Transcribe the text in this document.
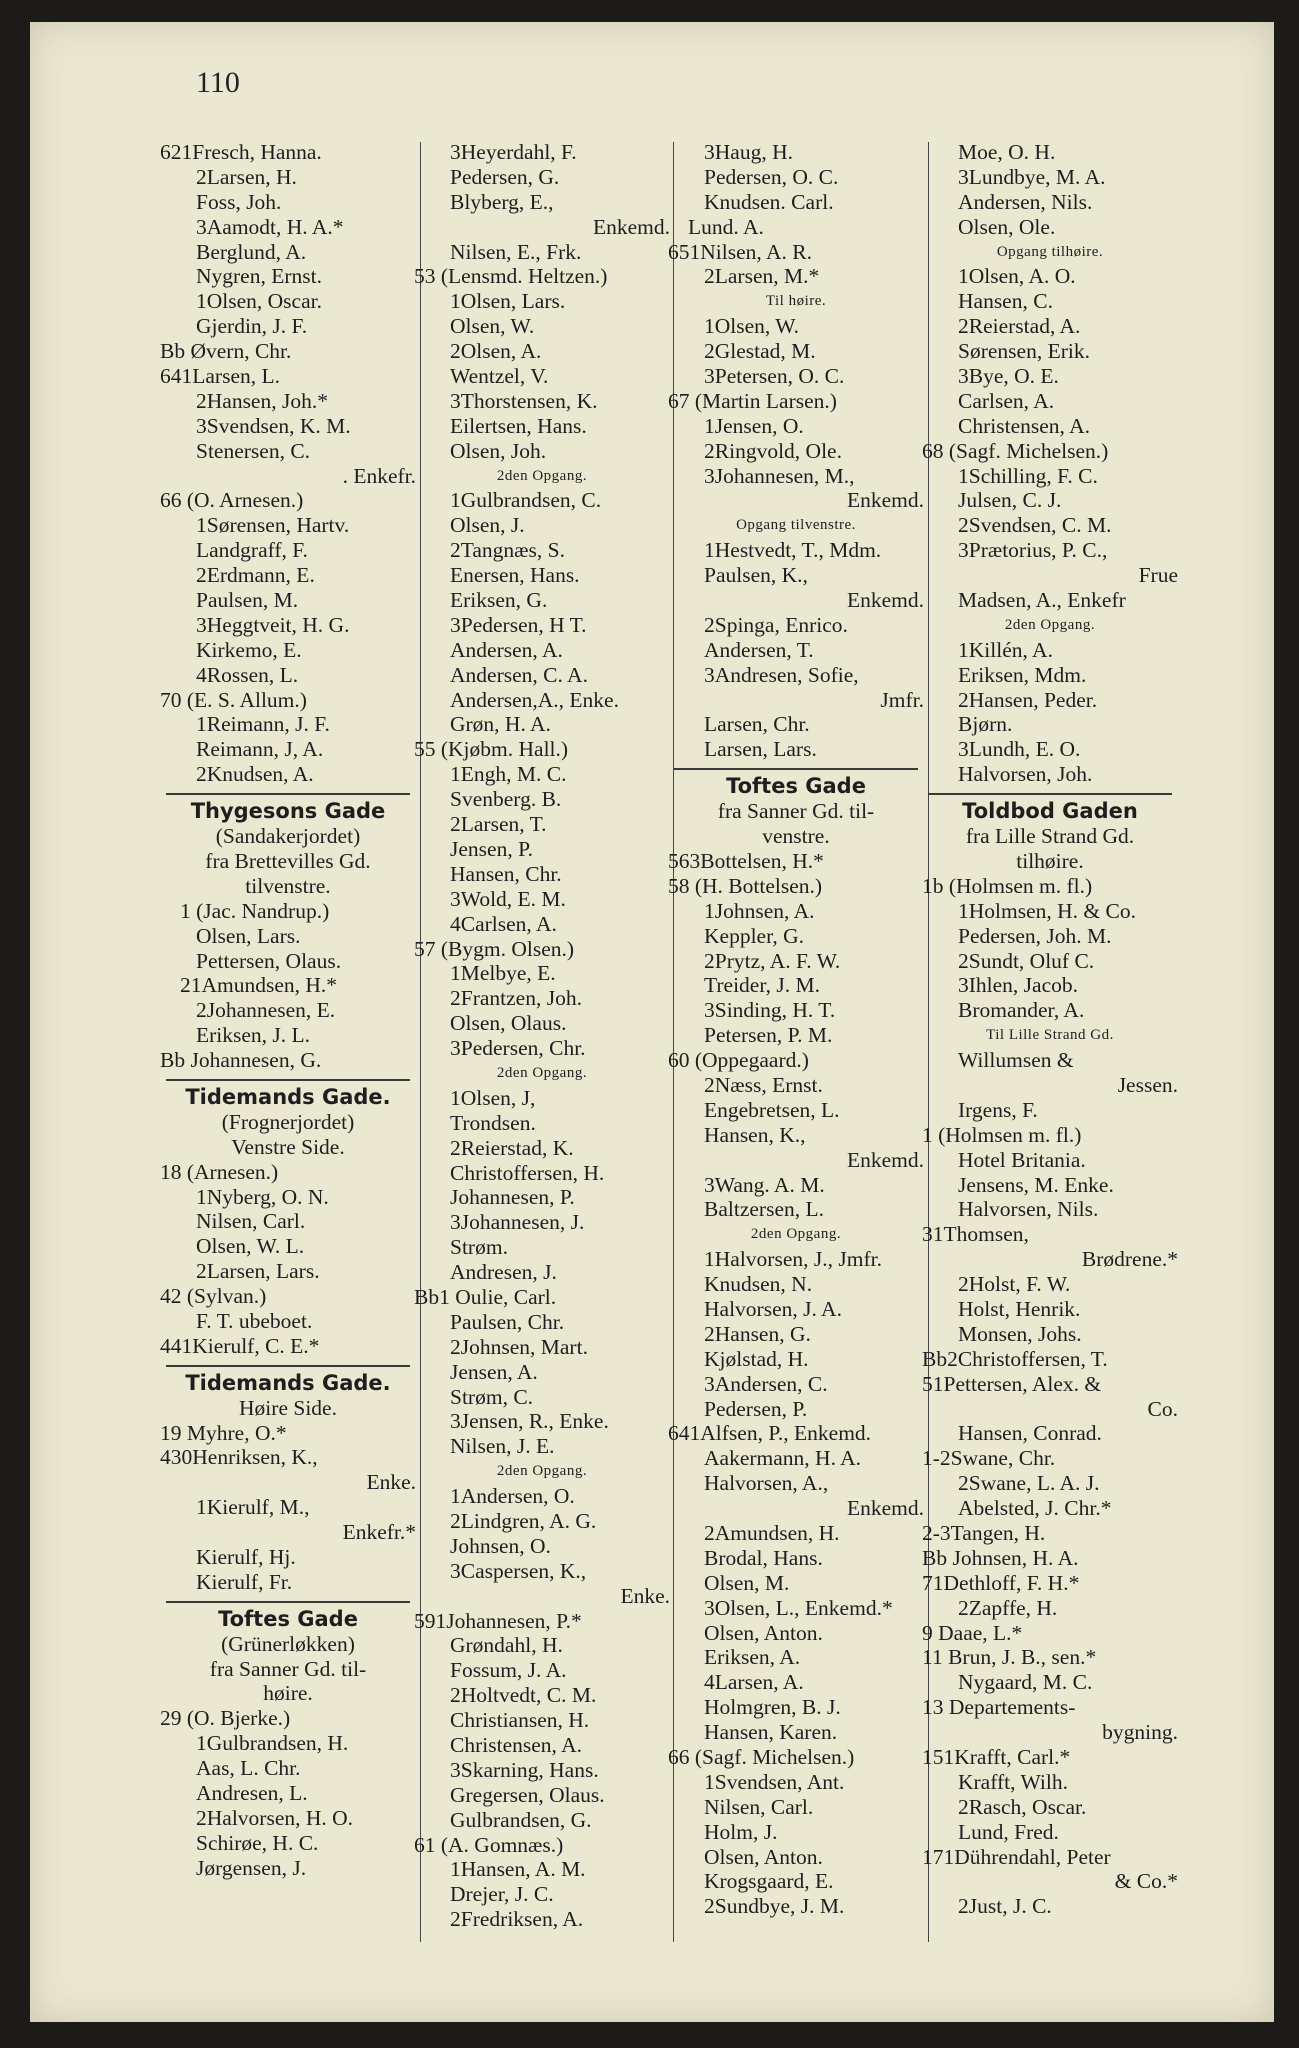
110
621Fresch, Hanna.
2Larsen, H.
Foss, Joh.
3Aamodt, H. A.*
Berglund, A.
Nygren, Ernst.
1Olsen, Oscar.
Gjerdin, J. F.
Bb Øvern, Chr.
641Larsen, L.
2Hansen, Joh.*
3Svendsen, K. M.
Stenersen, C.
. Enkefr.
66 (O. Arnesen.)
1Sørensen, Hartv.
Landgraff, F.
2Erdmann, E.
Paulsen, M.
3Heggtveit, H. G.
Kirkemo, E.
4Rossen, L.
70 (E. S. Allum.)
1Reimann, J. F.
Reimann, J, A.
2Knudsen, A.
Thygesons Gade
(Sandakerjordet)
fra Brettevilles Gd.
tilvenstre.
1 (Jac. Nandrup.)
Olsen, Lars.
Pettersen, Olaus.
21Amundsen, H.*
2Johannesen, E.
Eriksen, J. L.
Bb Johannesen, G.
Tidemands Gade.
(Frognerjordet)
Venstre Side.
18 (Arnesen.)
1Nyberg, O. N.
Nilsen, Carl.
Olsen, W. L.
2Larsen, Lars.
42 (Sylvan.)
F. T. ubeboet.
441Kierulf, C. E.*
Tidemands Gade.
Høire Side.
19 Myhre, O.*
430Henriksen, K.,
Enke.
1Kierulf, M.,
Enkefr.*
Kierulf, Hj.
Kierulf, Fr.
Toftes Gade
(Grünerløkken)
fra Sanner Gd. til-
høire.
29 (O. Bjerke.)
1Gulbrandsen, H.
Aas, L. Chr.
Andresen, L.
2Halvorsen, H. O.
Schirøe, H. C.
Jørgensen, J.
3Heyerdahl, F.
Pedersen, G.
Blyberg, E.,
Enkemd.
Nilsen, E., Frk.
53 (Lensmd. Heltzen.)
1Olsen, Lars.
Olsen, W.
2Olsen, A.
Wentzel, V.
3Thorstensen, K.
Eilertsen, Hans.
Olsen, Joh.
2den Opgang.
1Gulbrandsen, C.
Olsen, J.
2Tangnæs, S.
Enersen, Hans.
Eriksen, G.
3Pedersen, H T.
Andersen, A.
Andersen, C. A.
Andersen,A., Enke.
Grøn, H. A.
55 (Kjøbm. Hall.)
1Engh, M. C.
Svenberg. B.
2Larsen, T.
Jensen, P.
Hansen, Chr.
3Wold, E. M.
4Carlsen, A.
57 (Bygm. Olsen.)
1Melbye, E.
2Frantzen, Joh.
Olsen, Olaus.
3Pedersen, Chr.
2den Opgang.
1Olsen, J,
Trondsen.
2Reierstad, K.
Christoffersen, H.
Johannesen, P.
3Johannesen, J.
Strøm.
Andresen, J.
Bb1 Oulie, Carl.
Paulsen, Chr.
2Johnsen, Mart.
Jensen, A.
Strøm, C.
3Jensen, R., Enke.
Nilsen, J. E.
2den Opgang.
1Andersen, O.
2Lindgren, A. G.
Johnsen, O.
3Caspersen, K.,
Enke.
591Johannesen, P.*
Grøndahl, H.
Fossum, J. A.
2Holtvedt, C. M.
Christiansen, H.
Christensen, A.
3Skarning, Hans.
Gregersen, Olaus.
Gulbrandsen, G.
61 (A. Gomnæs.)
1Hansen, A. M.
Drejer, J. C.
2Fredriksen, A.
3Haug, H.
Pedersen, O. C.
Knudsen. Carl.
Lund. A.
651Nilsen, A. R.
2Larsen, M.*
Til høire.
1Olsen, W.
2Glestad, M.
3Petersen, O. C.
67 (Martin Larsen.)
1Jensen, O.
2Ringvold, Ole.
3Johannesen, M.,
Enkemd.
Opgang tilvenstre.
1Hestvedt, T., Mdm.
Paulsen, K.,
Enkemd.
2Spinga, Enrico.
Andersen, T.
3Andresen, Sofie,
Jmfr.
Larsen, Chr.
Larsen, Lars.
Toftes Gade
fra Sanner Gd. til-
venstre.
563Bottelsen, H.*
58 (H. Bottelsen.)
1Johnsen, A.
Keppler, G.
2Prytz, A. F. W.
Treider, J. M.
3Sinding, H. T.
Petersen, P. M.
60 (Oppegaard.)
2Næss, Ernst.
Engebretsen, L.
Hansen, K.,
Enkemd.
3Wang. A. M.
Baltzersen, L.
2den Opgang.
1Halvorsen, J., Jmfr.
Knudsen, N.
Halvorsen, J. A.
2Hansen, G.
Kjølstad, H.
3Andersen, C.
Pedersen, P.
641Alfsen, P., Enkemd.
Aakermann, H. A.
Halvorsen, A.,
Enkemd.
2Amundsen, H.
Brodal, Hans.
Olsen, M.
3Olsen, L., Enkemd.*
Olsen, Anton.
Eriksen, A.
4Larsen, A.
Holmgren, B. J.
Hansen, Karen.
66 (Sagf. Michelsen.)
1Svendsen, Ant.
Nilsen, Carl.
Holm, J.
Olsen, Anton.
Krogsgaard, E.
2Sundbye, J. M.
Moe, O. H.
3Lundbye, M. A.
Andersen, Nils.
Olsen, Ole.
Opgang tilhøire.
1Olsen, A. O.
Hansen, C.
2Reierstad, A.
Sørensen, Erik.
3Bye, O. E.
Carlsen, A.
Christensen, A.
68 (Sagf. Michelsen.)
1Schilling, F. C.
Julsen, C. J.
2Svendsen, C. M.
3Prætorius, P. C.,
Frue
Madsen, A., Enkefr
2den Opgang.
1Killén, A.
Eriksen, Mdm.
2Hansen, Peder.
Bjørn.
3Lundh, E. O.
Halvorsen, Joh.
Toldbod Gaden
fra Lille Strand Gd.
tilhøire.
1b (Holmsen m. fl.)
1Holmsen, H. & Co.
Pedersen, Joh. M.
2Sundt, Oluf C.
3Ihlen, Jacob.
Bromander, A.
Til Lille Strand Gd.
Willumsen &
Jessen.
Irgens, F.
1 (Holmsen m. fl.)
Hotel Britania.
Jensens, M. Enke.
Halvorsen, Nils.
31Thomsen,
Brødrene.*
2Holst, F. W.
Holst, Henrik.
Monsen, Johs.
Bb2Christoffersen, T.
51Pettersen, Alex. &
Co.
Hansen, Conrad.
1-2Swane, Chr.
2Swane, L. A. J.
Abelsted, J. Chr.*
2-3Tangen, H.
Bb Johnsen, H. A.
71Dethloff, F. H.*
2Zapffe, H.
9 Daae, L.*
11 Brun, J. B., sen.*
Nygaard, M. C.
13 Departements-
bygning.
151Krafft, Carl.*
Krafft, Wilh.
2Rasch, Oscar.
Lund, Fred.
171Dührendahl, Peter
& Co.*
2Just, J. C.
